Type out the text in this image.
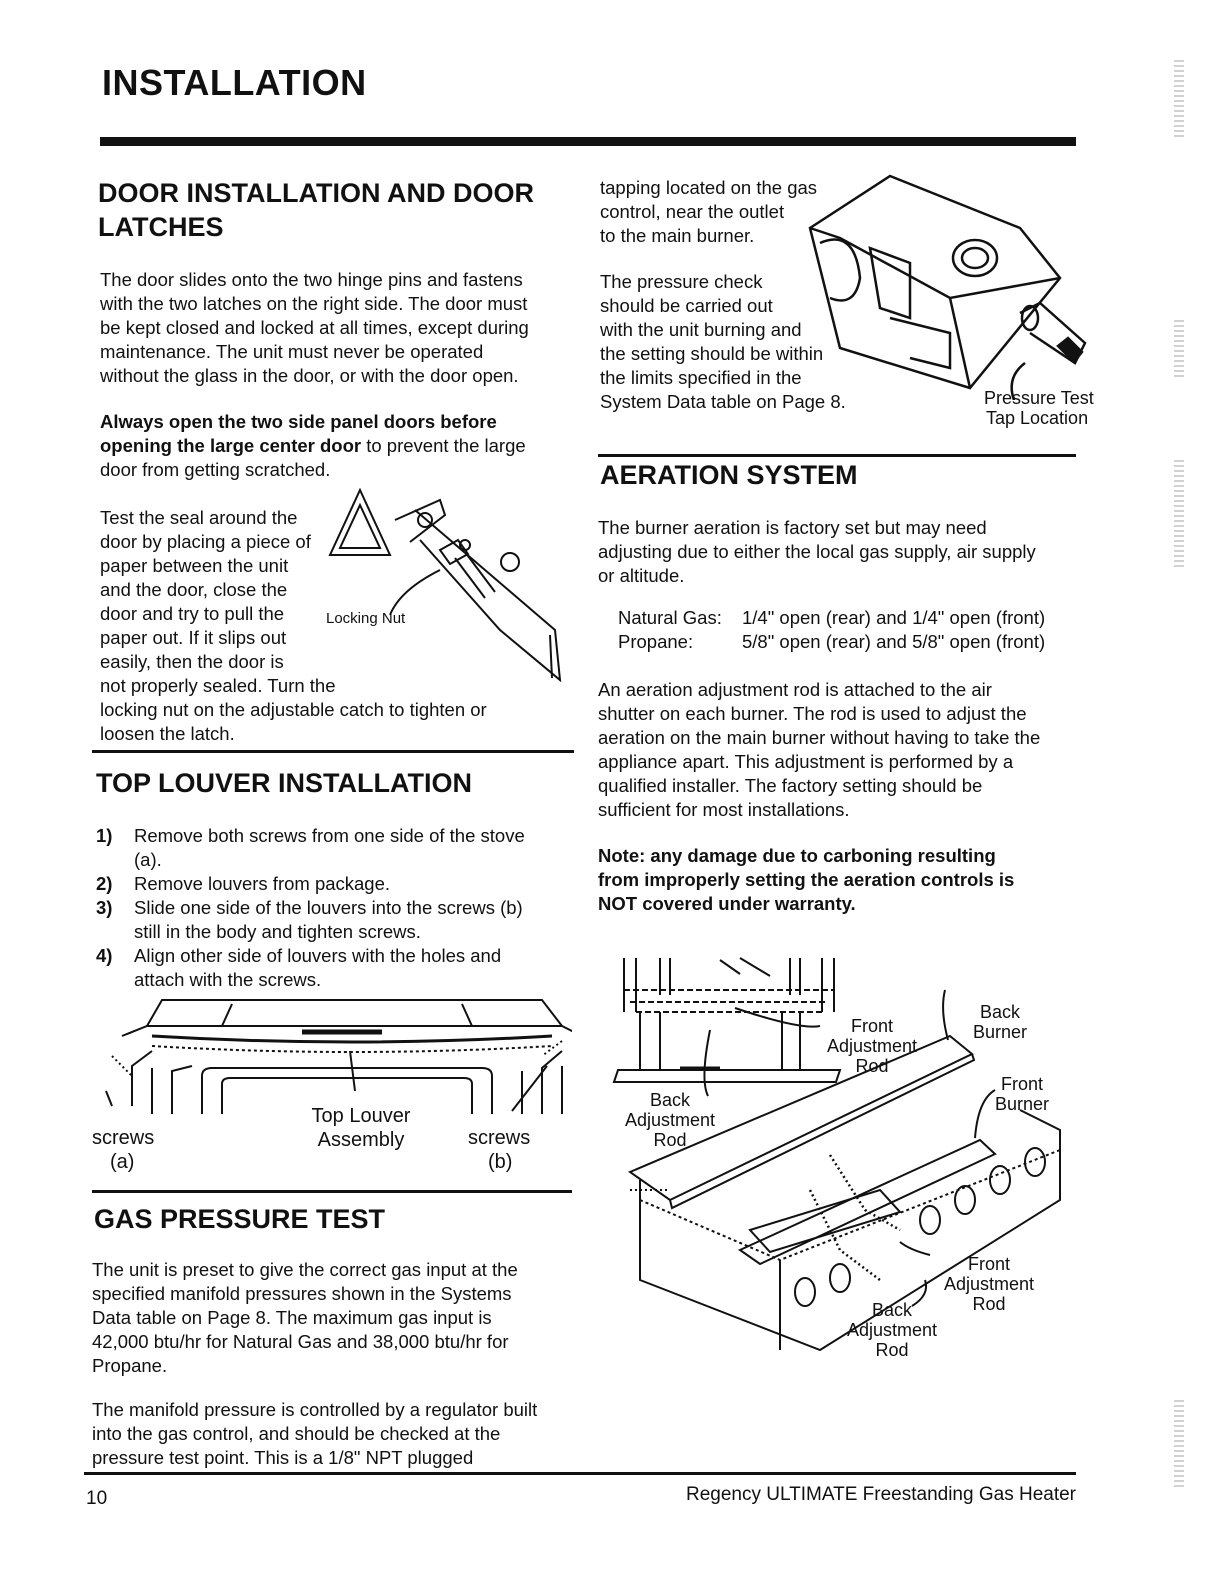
INSTALLATION
DOOR INSTALLATION AND DOOR
LATCHES
The door slides onto the two hinge pins and fastens
with the two latches on the right side. The door must
be kept closed and locked at all times, except during
maintenance. The unit must never be operated
without the glass in the door, or with the door open.
Always open the two side panel doors before
opening the large center door to prevent the large
door from getting scratched.
Test the seal around the
door by placing a piece of
paper between the unit
and the door, close the
door and try to pull the
paper out. If it slips out
easily, then the door is
not properly sealed. Turn the
locking nut on the adjustable catch to tighten or
loosen the latch.
Locking Nut
TOP LOUVER INSTALLATION
1) Remove both screws from one side of the stove
(a).
2) Remove louvers from package.
3) Slide one side of the louvers into the screws (b)
still in the body and tighten screws.
4) Align other side of louvers with the holes and
attach with the screws.
Top Louver
Assembly
screws
(a)
screws
(b)
GAS PRESSURE TEST
The unit is preset to give the correct gas input at the
specified manifold pressures shown in the Systems
Data table on Page 8. The maximum gas input is
42,000 btu/hr for Natural Gas and 38,000 btu/hr for
Propane.
The manifold pressure is controlled by a regulator built
into the gas control, and should be checked at the
pressure test point. This is a 1/8" NPT plugged
tapping located on the gas
control, near the outlet
to the main burner.
The pressure check
should be carried out
with the unit burning and
the setting should be within
the limits specified in the
System Data table on Page 8.	Pressure Test
Tap Location
AERATION SYSTEM
The burner aeration is factory set but may need
adjusting due to either the local gas supply, air supply
or altitude.
Natural Gas:	1/4" open (rear) and 1/4" open (front)
Propane:	5/8" open (rear) and 5/8" open (front)
An aeration adjustment rod is attached to the air
shutter on each burner. The rod is used to adjust the
aeration on the main burner without having to take the
appliance apart. This adjustment is performed by a
qualified installer. The factory setting should be
sufficient for most installations.
Note: any damage due to carboning resulting
from improperly setting the aeration controls is
NOT covered under warranty.
Front
Adjustment
Rod
Back
Burner
Front
Burner
Back
Adjustment
Rod
Front
Adjustment
Rod
Back
Adjustment
Rod
10	Regency ULTIMATE Freestanding Gas Heater
